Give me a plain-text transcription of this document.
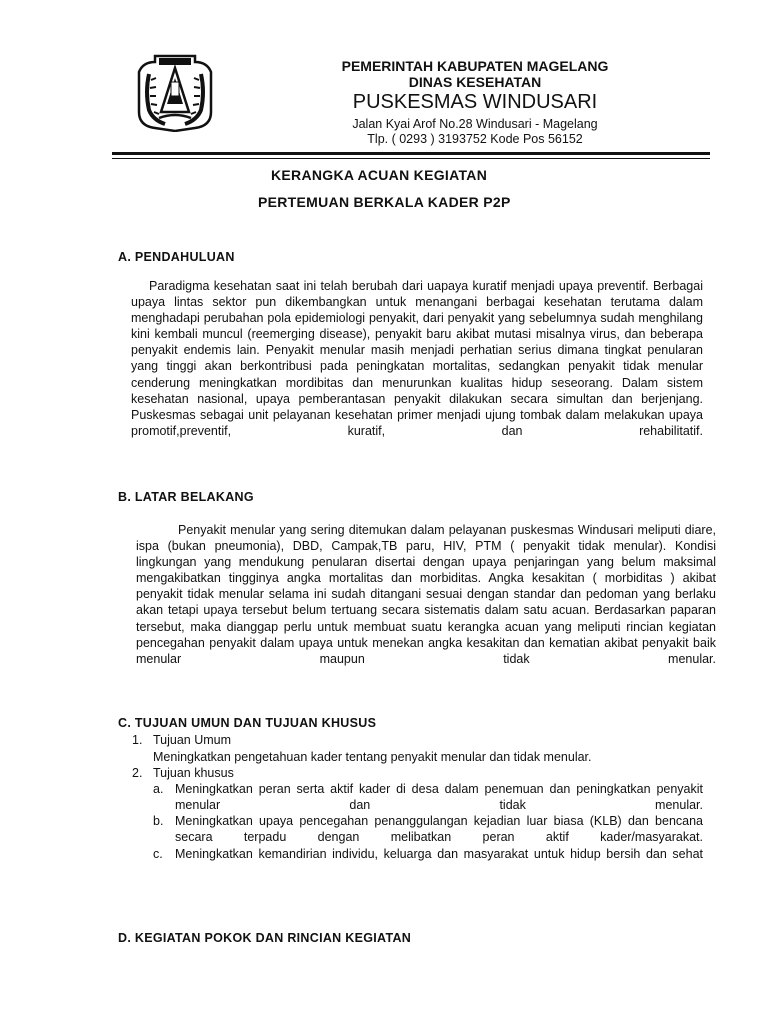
PEMERINTAH KABUPATEN MAGELANG
DINAS KESEHATAN
PUSKESMAS WINDUSARI
Jalan Kyai Arof No.28 Windusari - Magelang
Tlp. ( 0293 ) 3193752 Kode Pos 56152
KERANGKA ACUAN KEGIATAN
PERTEMUAN BERKALA KADER P2P
A. PENDAHULUAN

Paradigma kesehatan saat ini telah berubah dari uapaya kuratif menjadi upaya preventif. Berbagai upaya lintas sektor pun dikembangkan untuk menangani berbagai kesehatan terutama dalam menghadapi perubahan pola epidemiologi penyakit, dari penyakit yang sebelumnya sudah menghilang kini kembali muncul (reemerging disease), penyakit baru akibat mutasi misalnya virus, dan beberapa penyakit endemis lain. Penyakit menular masih menjadi perhatian serius dimana tingkat penularan yang tinggi akan berkontribusi pada peningkatan mortalitas, sedangkan penyakit tidak menular cenderung meningkatkan mordibitas dan menurunkan kualitas hidup seseorang. Dalam sistem kesehatan nasional, upaya pemberantasan penyakit dilakukan secara simultan dan berjenjang. Puskesmas sebagai unit pelayanan kesehatan primer menjadi ujung tombak dalam melakukan upaya promotif,preventif, kuratif, dan rehabilitatif.

B. LATAR BELAKANG

Penyakit menular yang sering ditemukan dalam pelayanan puskesmas Windusari meliputi diare, ispa (bukan pneumonia), DBD, Campak,TB paru, HIV, PTM ( penyakit tidak menular). Kondisi lingkungan yang mendukung penularan disertai dengan upaya penjaringan yang belum maksimal mengakibatkan tingginya angka mortalitas dan morbiditas. Angka kesakitan ( morbiditas ) akibat penyakit tidak menular selama ini sudah ditangani sesuai dengan standar dan pedoman yang berlaku akan tetapi upaya tersebut belum tertuang secara sistematis dalam satu acuan. Berdasarkan paparan tersebut, maka dianggap perlu untuk membuat suatu kerangka acuan yang meliputi rincian kegiatan pencegahan penyakit dalam upaya untuk menekan angka kesakitan dan kematian akibat penyakit baik menular maupun tidak menular.

C. TUJUAN UMUN DAN TUJUAN KHUSUS
1. Tujuan Umum
Meningkatkan pengetahuan kader tentang penyakit menular dan tidak menular.
2. Tujuan khusus
a. Meningkatkan peran serta aktif kader di desa dalam penemuan dan peningkatkan penyakit menular dan tidak menular.

b. Meningkatkan upaya pencegahan penanggulangan kejadian luar biasa (KLB) dan bencana secara terpadu dengan melibatkan peran aktif kader/masyarakat.

c. Meningkatkan kemandirian individu, keluarga dan masyarakat untuk hidup bersih dan sehat

D. KEGIATAN POKOK DAN RINCIAN KEGIATAN
